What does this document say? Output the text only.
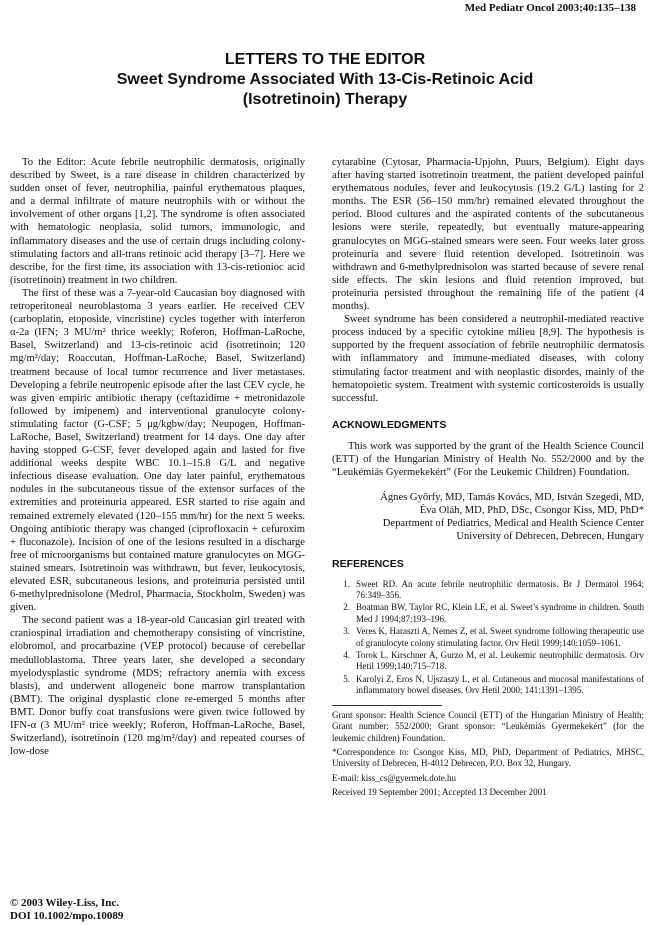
Med Pediatr Oncol 2003;40:135–138
LETTERS TO THE EDITOR
Sweet Syndrome Associated With 13-Cis-Retinoic Acid
(Isotretinoin) Therapy

To the Editor: Acute febrile neutrophilic dermatosis, originally described by Sweet, is a rare disease in children characterized by sudden onset of fever, neutrophilia, painful erythematous plaques, and a dermal infiltrate of mature neutrophils with or without the involvement of other organs [1,2]. The syndrome is often associated with hematologic neoplasia, solid tumors, immunologic, and inflammatory diseases and the use of certain drugs including colony-stimulating factors and all-trans retinoic acid therapy [3–7]. Here we describe, for the first time, its association with 13-cis-retionioc acid (isotretinoin) treatment in two children.

The first of these was a 7-year-old Caucasian boy diagnosed with retroperitoneal neuroblastoma 3 years earlier. He received CEV (carboplatin, etoposide, vincristine) cycles together with interferon α-2a (IFN; 3 MU/m² thrice weekly; Roferon, Hoffman-LaRoche, Basel, Switzerland) and 13-cis-retinoic acid (isotretinoin; 120 mg/m²/day; Roaccutan, Hoffman-LaRoche, Basel, Switzerland) treatment because of local tumor recurrence and liver metastases. Developing a febrile neutropenic episode after the last CEV cycle, he was given empiric antibiotic therapy (ceftazidime + metronidazole followed by imipenem) and interventional granulocyte colony-stimulating factor (G-CSF; 5 μg/kgbw/day; Neupogen, Hoffman-LaRoche, Basel, Switzerland) treatment for 14 days. One day after having stopped G-CSF, fever developed again and lasted for five additional weeks despite WBC 10.1–15.8 G/L and negative infectious disease evaluation. One day later painful, erythematous nodules in the subcutaneous tissue of the extensor surfaces of the extremities and proteinuria appeared. ESR started to rise again and remained extremely elevated (120–155 mm/hr) for the next 5 weeks. Ongoing antibiotic therapy was changed (ciprofloxacin + cefuroxim + fluconazole). Incision of one of the lesions resulted in a discharge free of microorganisms but contained mature granulocytes on MGG-stained smears. Isotretinoin was withdrawn, but fever, leukocytosis, elevated ESR, subcutaneous lesions, and proteinuria persisted until 6-methylprednisolone (Medrol, Pharmacia, Stockholm, Sweden) was given.

The second patient was a 18-year-old Caucasian girl treated with craniospinal irradiation and chemotherapy consisting of vincristine, elobromol, and procarbazine (VEP protocol) because of cerebellar medulloblastoma. Three years later, she developed a secondary myelodysplastic syndrome (MDS; refractory anemia with excess blasts), and underwent allogeneic bone marrow transplantation (BMT). The original dysplastic clone re-emerged 5 months after BMT. Donor buffy coat transfusions were given twice followed by IFN-α (3 MU/m² trice weekly; Roferon, Hoffman-LaRoche, Basel, Switzerland), isotretinoin (120 mg/m²/day) and repeated courses of low-dose

cytarabine (Cytosar, Pharmacia-Upjohn, Puurs, Belgium). Eight days after having started isotretinoin treatment, the patient developed painful erythematous nodules, fever and leukocytosis (19.2 G/L) lasting for 2 months. The ESR (56–150 mm/hr) remained elevated throughout the period. Blood cultures and the aspirated contents of the subcutaneous lesions were sterile, repeatedly, but eventually mature-appearing granulocytes on MGG-stained smears were seen. Four weeks later gross proteinuria and severe fluid retention developed. Isotretinoin was withdrawn and 6-methylprednisolon was started because of severe renal side effects. The skin lesions and fluid retention improved, but proteinuria persisted throughout the remaining life of the patient (4 months).

Sweet syndrome has been considered a neutrophil-mediated reactive process induced by a specific cytokine milieu [8,9]. The hypothesis is supported by the frequent association of febrile neutrophilic dermatosis with inflammatory and immune-mediated diseases, with colony stimulating factor treatment and with neoplastic disordes, mainly of the hematopoietic system. Treatment with systemic corticosteroids is usually successful.

ACKNOWLEDGMENTS

This work was supported by the grant of the Health Science Council (ETT) of the Hungarian Ministry of Health No. 552/2000 and by the “Leukémiás Gyermekekért” (For the Leukemic Children) Foundation.

Ágnes Gyôrfy, MD, Tamás Kovács, MD, István Szegedi, MD,
Éva Oláh, MD, PhD, DSc, Csongor Kiss, MD, PhD*
Department of Pediatrics, Medical and Health Science Center
University of Debrecen, Debrecen, Hungary
REFERENCES
1. Sweet RD. An acute febrile neutrophilic dermatosis. Br J Dermatol 1964; 76:349–356.
2. Boatman BW, Taylor RC, Klein LE, et al. Sweet’s syndrome in children. South Med J 1994;87:193–196.
3. Veres K, Haraszti A, Nemes Z, et al. Sweet syndrome following therapeutic use of granulocyte colony stimulating factor. Orv Hetil 1999;140:1059–1061.
4. Torok L, Kirschner A, Gurzo M, et al. Leukemic neutrophilic dermatosis. Orv Hetil 1999;140:715–718.
5. Karolyi Z, Eros N, Ujszaszy L, et al. Cutaneous and mucosal manifestations of inflammatory bowel diseases. Orv Hetil 2000; 141:1391–1395.

Grant sponsor: Health Science Council (ETT) of the Hungarian Ministry of Health; Grant number: 552/2000; Grant sponsor: “Leukémiás Gyermekekért” (for the leukemic children) Foundation.

*Correspondence to: Csongor Kiss, MD, PhD, Department of Pediatrics, MHSC, University of Debrecen, H-4012 Debrecen, P.O. Box 32, Hungary.

E-mail: kiss_cs@gyermek.dote.hu

Received 19 September 2001; Accepted 13 December 2001

© 2003 Wiley-Liss, Inc.
DOI 10.1002/mpo.10089
